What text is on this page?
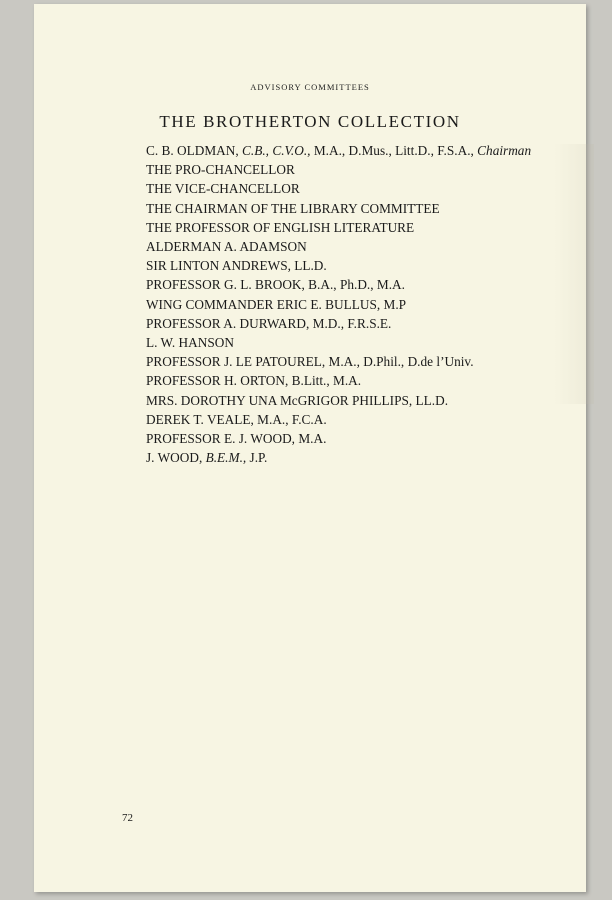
ADVISORY COMMITTEES
THE BROTHERTON COLLECTION
C. B. OLDMAN, C.B., C.V.O., M.A., D.Mus., Litt.D., F.S.A., Chairman
THE PRO-CHANCELLOR
THE VICE-CHANCELLOR
THE CHAIRMAN OF THE LIBRARY COMMITTEE
THE PROFESSOR OF ENGLISH LITERATURE
ALDERMAN A. ADAMSON
SIR LINTON ANDREWS, LL.D.
PROFESSOR G. L. BROOK, B.A., Ph.D., M.A.
WING COMMANDER ERIC E. BULLUS, M.P
PROFESSOR A. DURWARD, M.D., F.R.S.E.
L. W. HANSON
PROFESSOR J. LE PATOUREL, M.A., D.Phil., D.de l’Univ.
PROFESSOR H. ORTON, B.Litt., M.A.
MRS. DOROTHY UNA McGRIGOR PHILLIPS, LL.D.
DEREK T. VEALE, M.A., F.C.A.
PROFESSOR E. J. WOOD, M.A.
J. WOOD, B.E.M., J.P.
72
